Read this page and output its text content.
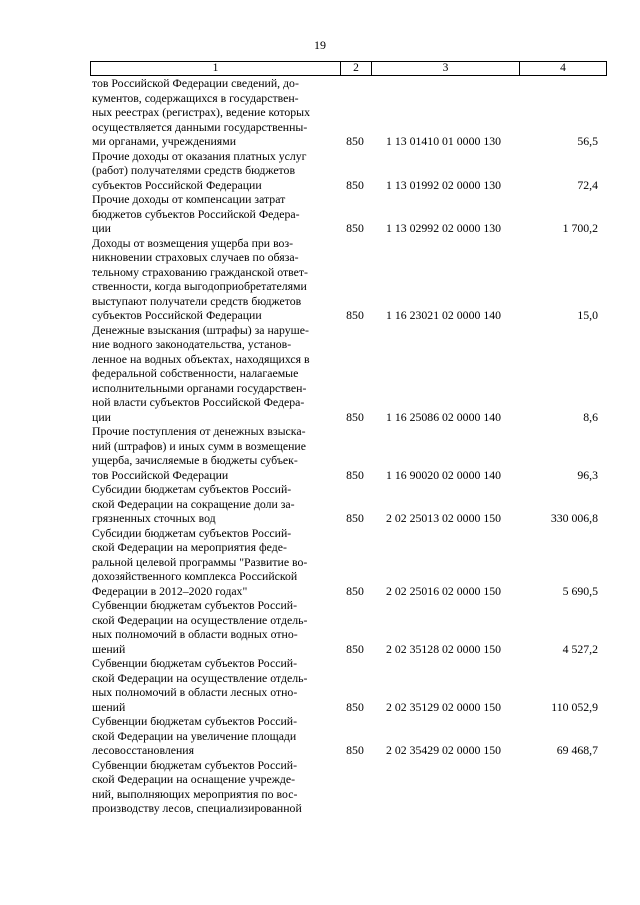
19
1	2	3	4
тов Российской Федерации сведений, до-
кументов, содержащихся в государствен-
ных реестрах (регистрах), ведение которых
осуществляется данными государственны-
ми органами, учреждениями	850 1 13 01410 01 0000 130	56,5
Прочие доходы от оказания платных услуг
(работ) получателями средств бюджетов
субъектов Российской Федерации	850 1 13 01992 02 0000 130	72,4
Прочие доходы от компенсации затрат
бюджетов субъектов Российской Федера-
ции	850 1 13 02992 02 0000 130	1 700,2
Доходы от возмещения ущерба при воз-
никновении страховых случаев по обяза-
тельному страхованию гражданской ответ-
ственности, когда выгодоприобретателями
выступают получатели средств бюджетов
субъектов Российской Федерации	850 1 16 23021 02 0000 140	15,0
Денежные взыскания (штрафы) за наруше-
ние водного законодательства, установ-
ленное на водных объектах, находящихся в
федеральной собственности, налагаемые
исполнительными органами государствен-
ной власти субъектов Российской Федера-
ции	850 1 16 25086 02 0000 140	8,6
Прочие поступления от денежных взыска-
ний (штрафов) и иных сумм в возмещение
ущерба, зачисляемые в бюджеты субъек-
тов Российской Федерации	850 1 16 90020 02 0000 140	96,3
Субсидии бюджетам субъектов Россий-
ской Федерации на сокращение доли за-
грязненных сточных вод	850 2 02 25013 02 0000 150	330 006,8
Субсидии бюджетам субъектов Россий-
ской Федерации на мероприятия феде-
ральной целевой программы "Развитие во-
дохозяйственного комплекса Российской
Федерации в 2012–2020 годах"	850 2 02 25016 02 0000 150	5 690,5
Субвенции бюджетам субъектов Россий-
ской Федерации на осуществление отдель-
ных полномочий в области водных отно-
шений	850 2 02 35128 02 0000 150	4 527,2
Субвенции бюджетам субъектов Россий-
ской Федерации на осуществление отдель-
ных полномочий в области лесных отно-
шений	850 2 02 35129 02 0000 150	110 052,9
Субвенции бюджетам субъектов Россий-
ской Федерации на увеличение площади
лесовосстановления	850 2 02 35429 02 0000 150	69 468,7
Субвенции бюджетам субъектов Россий-
ской Федерации на оснащение учрежде-
ний, выполняющих мероприятия по вос-
производству лесов, специализированной
